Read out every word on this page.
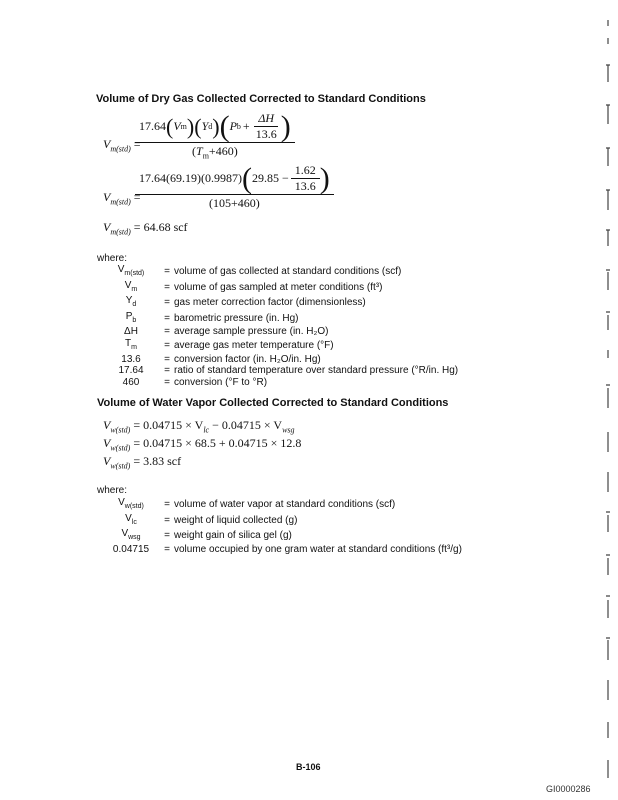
Volume of Dry Gas Collected Corrected to Standard Conditions
$V_{m(std)}$ =
17.64 ( V m ) ( Y d ) ( P $b + \frac{\Delta H}{13.6}$ )
$(T_m+460)$
$V_{m(std)}$ =
17.64(69.19)(0.9987) ( $29.85 - \frac{1.62}{13.6}$ )
(105+460)
$V_{m(std)} = 64.68$ scf
where:
$V_{m(std)}$	=	volume of gas collected at standard conditions (scf)
$V_m$	=	volume of gas sampled at meter conditions (ft³)
$Y_d$	=	gas meter correction factor (dimensionless)
$P_b$	=	barometric pressure (in. Hg)
ΔH	=	average sample pressure (in. H₂O)
$T_m$	=	average gas meter temperature (°F)
13.6	=	conversion factor (in. H₂O/in. Hg)
17.64	=	ratio of standard temperature over standard pressure (°R/in. Hg)
460	=	conversion (°F to °R)
Volume of Water Vapor Collected Corrected to Standard Conditions
$V_{w(std)} = 0.04715 \times V_{lc} - 0.04715 \times V_{wsg}$
$V_{w(std)} = 0.04715 \times 68.5 + 0.04715 \times 12.8$
$V_{w(std)} = 3.83$ scf
where:
$V_{w(std)}$	=	volume of water vapor at standard conditions (scf)
$V_{lc}$	=	weight of liquid collected (g)
$V_{wsg}$	=	weight gain of silica gel (g)
0.04715	=	volume occupied by one gram water at standard conditions (ft³/g)
B-106
GI0000286
